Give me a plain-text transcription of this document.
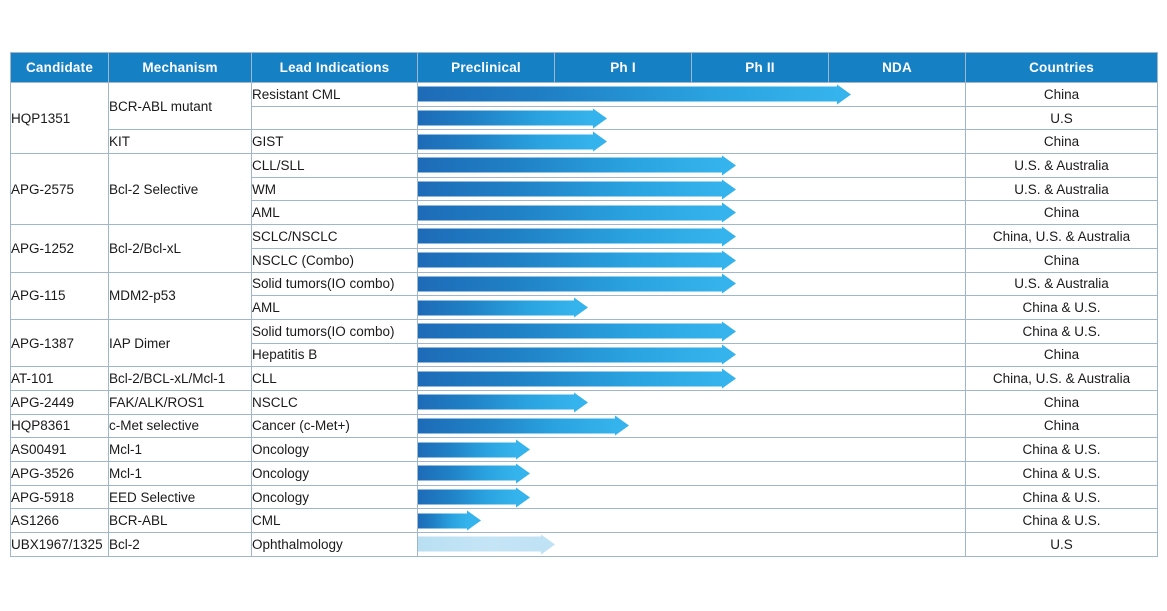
Candidate	Mechanism	Lead Indications	Preclinical	Ph I	Ph II	NDA	Countries
HQP1351	BCR-ABL mutant	Resistant CML					China

						U.S
	KIT	GIST					China
APG-2575	Bcl-2 Selective	CLL/SLL					U.S. & Australia
		WM					U.S. & Australia
		AML					China
APG-1252	Bcl-2/Bcl-xL	SCLC/NSCLC					China, U.S. & Australia
		NSCLC (Combo)					China
APG-115	MDM2-p53	Solid tumors(IO combo)					U.S. & Australia
		AML					China & U.S.
APG-1387	IAP Dimer	Solid tumors(IO combo)					China & U.S.
		Hepatitis B					China
AT-101	Bcl-2/BCL-xL/Mcl-1	CLL					China, U.S. & Australia
APG-2449	FAK/ALK/ROS1	NSCLC					China
HQP8361	c-Met selective	Cancer (c-Met+)					China
AS00491	Mcl-1	Oncology					China & U.S.
APG-3526	Mcl-1	Oncology					China & U.S.
APG-5918	EED Selective	Oncology					China & U.S.
AS1266	BCR-ABL	CML					China & U.S.
UBX1967/1325	Bcl-2	Ophthalmology					U.S
